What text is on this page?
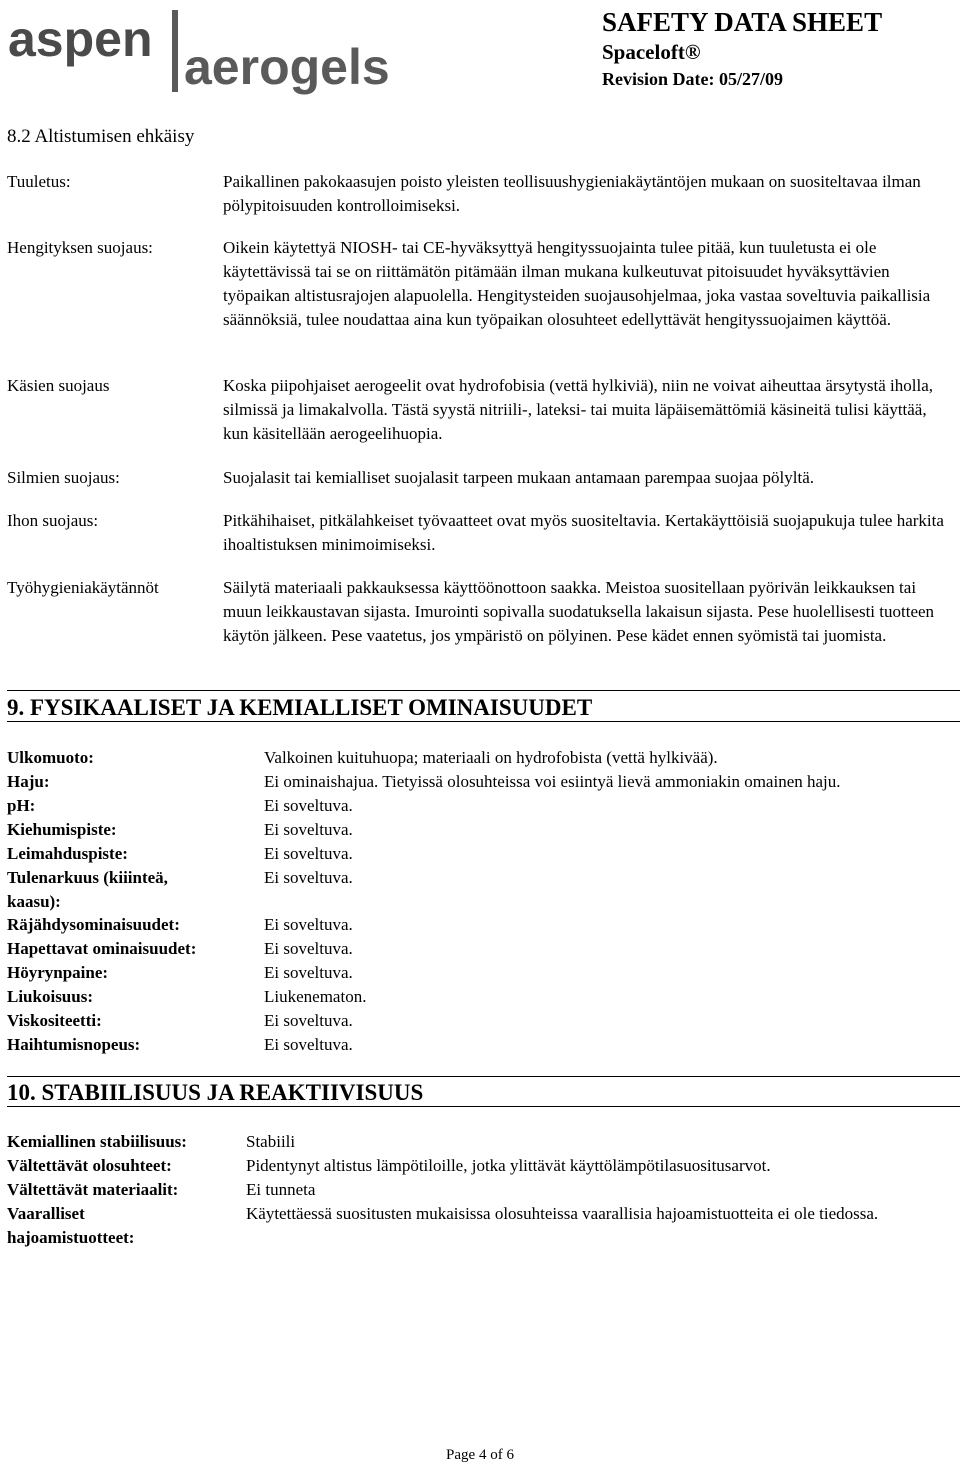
aspen aerogels
SAFETY DATA SHEET
Spaceloft®
Revision Date: 05/27/09
8.2 Altistumisen ehkäisy
Tuuletus:	Paikallinen pakokaasujen poisto yleisten teollisuushygieniakäytäntöjen mukaan on suositeltavaa ilman pölypitoisuuden kontrolloimiseksi.
Hengityksen suojaus:	Oikein käytettyä NIOSH- tai CE-hyväksyttyä hengityssuojainta tulee pitää, kun tuuletusta ei ole käytettävissä tai se on riittämätön pitämään ilman mukana kulkeutuvat pitoisuudet hyväksyttävien työpaikan altistusrajojen alapuolella. Hengitysteiden suojausohjelmaa, joka vastaa soveltuvia paikallisia säännöksiä, tulee noudattaa aina kun työpaikan olosuhteet edellyttävät hengityssuojaimen käyttöä.
Käsien suojaus	Koska piipohjaiset aerogeelit ovat hydrofobisia (vettä hylkiviä), niin ne voivat aiheuttaa ärsytystä iholla, silmissä ja limakalvolla. Tästä syystä nitriili-, lateksi- tai muita läpäisemättömiä käsineitä tulisi käyttää, kun käsitellään aerogeelihuopia.
Silmien suojaus:	Suojalasit tai kemialliset suojalasit tarpeen mukaan antamaan parempaa suojaa pölyltä.
Ihon suojaus:	Pitkähihaiset, pitkälahkeiset työvaatteet ovat myös suositeltavia. Kertakäyttöisiä suojapukuja tulee harkita ihoaltistuksen minimoimiseksi.
Työhygieniakäytännöt	Säilytä materiaali pakkauksessa käyttöönottoon saakka. Meistoa suositellaan pyörivän leikkauksen tai muun leikkaustavan sijasta. Imurointi sopivalla suodatuksella lakaisun sijasta. Pese huolellisesti tuotteen käytön jälkeen. Pese vaatetus, jos ympäristö on pölyinen. Pese kädet ennen syömistä tai juomista.
9. FYSIKAALISET JA KEMIALLISET OMINAISUUDET
Ulkomuoto:	Valkoinen kuituhuopa; materiaali on hydrofobista (vettä hylkivää).
Haju:	Ei ominaishajua. Tietyissä olosuhteissa voi esiintyä lievä ammoniakin omainen haju.
pH:	Ei soveltuva.
Kiehumispiste:	Ei soveltuva.
Leimahduspiste:	Ei soveltuva.
Tulenarkuus (kiiinteä, kaasu):
Ei soveltuva.
Räjähdysominaisuudet:	Ei soveltuva.
Hapettavat ominaisuudet:	Ei soveltuva.
Höyrynpaine:	Ei soveltuva.
Liukoisuus:	Liukenematon.
Viskositeetti:	Ei soveltuva.
Haihtumisnopeus:	Ei soveltuva.
10. STABIILISUUS JA REAKTIIVISUUS
Kemiallinen stabiilisuus:	Stabiili
Vältettävät olosuhteet:	Pidentynyt altistus lämpötiloille, jotka ylittävät käyttölämpötilasuositusarvot.
Vältettävät materiaalit:	Ei tunneta
Vaaralliset hajoamistuotteet:
Käytettäessä suositusten mukaisissa olosuhteissa vaarallisia hajoamistuotteita ei ole tiedossa.
Page 4 of 6
